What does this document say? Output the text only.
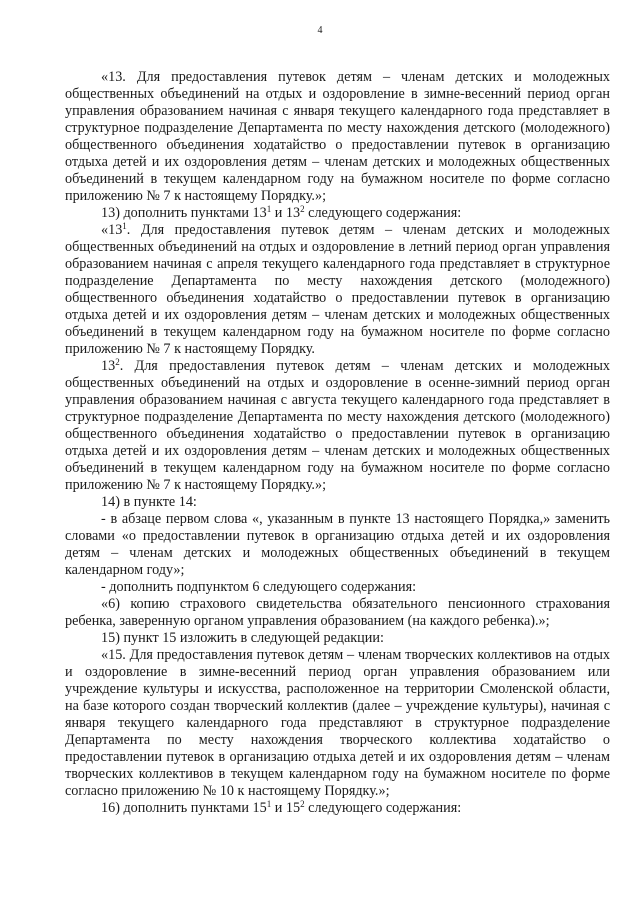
4

«13. Для предоставления путевок детям – членам детских и молодежных общественных объединений на отдых и оздоровление в зимне-весенний период орган управления образованием начиная с января текущего календарного года представляет в структурное подразделение Департамента по месту нахождения детского (молодежного) общественного объединения ходатайство о предоставлении путевок в организацию отдыха детей и их оздоровления детям – членам детских и молодежных общественных объединений в текущем календарном году на бумажном носителе по форме согласно приложению № 7 к настоящему Порядку.»;

13) дополнить пунктами $13^1$ и $13^2$ следующего содержания:

«$13^1$. Для предоставления путевок детям – членам детских и молодежных общественных объединений на отдых и оздоровление в летний период орган управления образованием начиная с апреля текущего календарного года представляет в структурное подразделение Департамента по месту нахождения детского (молодежного) общественного объединения ходатайство о предоставлении путевок в организацию отдыха детей и их оздоровления детям – членам детских и молодежных общественных объединений в текущем календарном году на бумажном носителе по форме согласно приложению № 7 к настоящему Порядку.

$13^2$. Для предоставления путевок детям – членам детских и молодежных общественных объединений на отдых и оздоровление в осенне-зимний период орган управления образованием начиная с августа текущего календарного года представляет в структурное подразделение Департамента по месту нахождения детского (молодежного) общественного объединения ходатайство о предоставлении путевок в организацию отдыха детей и их оздоровления детям – членам детских и молодежных общественных объединений в текущем календарном году на бумажном носителе по форме согласно приложению № 7 к настоящему Порядку.»;

14) в пункте 14:

- в абзаце первом слова «, указанным в пункте 13 настоящего Порядка,» заменить словами «о предоставлении путевок в организацию отдыха детей и их оздоровления детям – членам детских и молодежных общественных объединений в текущем календарном году»;

- дополнить подпунктом 6 следующего содержания:

«6) копию страхового свидетельства обязательного пенсионного страхования ребенка, заверенную органом управления образованием (на каждого ребенка).»;

15) пункт 15 изложить в следующей редакции:

«15. Для предоставления путевок детям – членам творческих коллективов на отдых и оздоровление в зимне-весенний период орган управления образованием или учреждение культуры и искусства, расположенное на территории Смоленской области, на базе которого создан творческий коллектив (далее – учреждение культуры), начиная с января текущего календарного года представляют в структурное подразделение Департамента по месту нахождения творческого коллектива ходатайство о предоставлении путевок в организацию отдыха детей и их оздоровления детям – членам творческих коллективов в текущем календарном году на бумажном носителе по форме согласно приложению № 10 к настоящему Порядку.»;

16) дополнить пунктами $15^1$ и $15^2$ следующего содержания:
